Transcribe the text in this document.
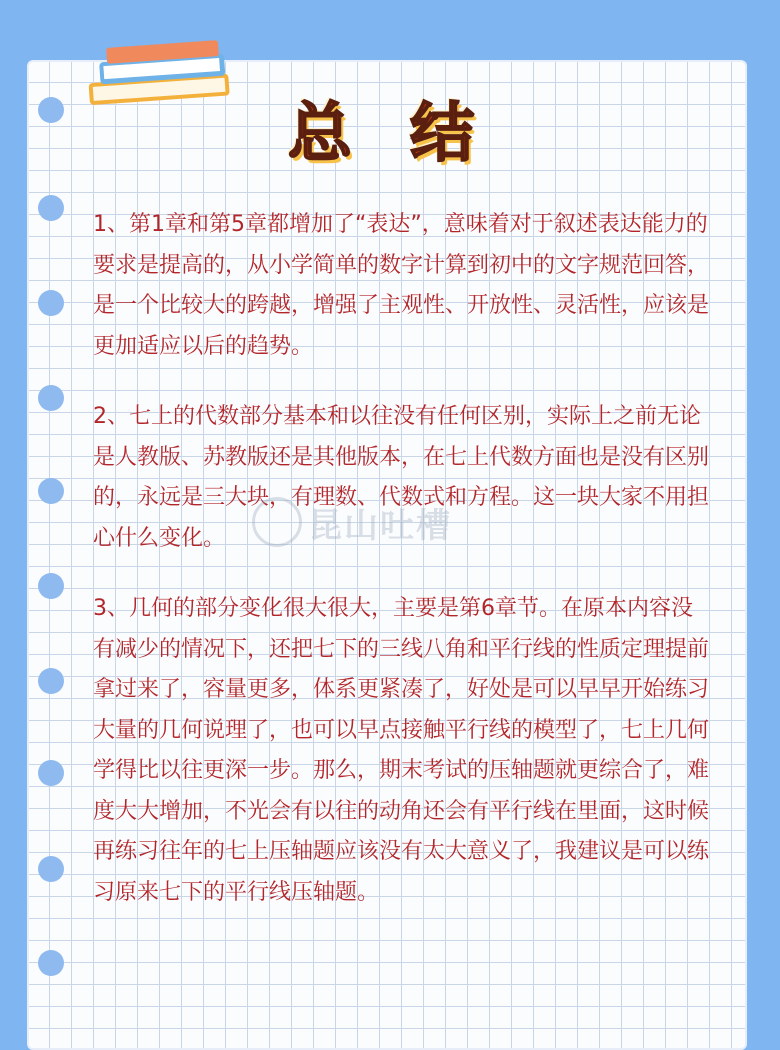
总 结

1、第1章和第5章都增加了“表达”，意味着对于叙述表达能力的要求是提高的，从小学简单的数字计算到初中的文字规范回答，是一个比较大的跨越，增强了主观性、开放性、灵活性，应该是更加适应以后的趋势。

2、七上的代数部分基本和以往没有任何区别，实际上之前无论是人教版、苏教版还是其他版本，在七上代数方面也是没有区别的，永远是三大块，有理数、代数式和方程。这一块大家不用担心什么变化。

3、几何的部分变化很大很大，主要是第6章节。在原本内容没有减少的情况下，还把七下的三线八角和平行线的性质定理提前拿过来了，容量更多，体系更紧凑了，好处是可以早早开始练习大量的几何说理了，也可以早点接触平行线的模型了，七上几何学得比以往更深一步。那么，期末考试的压轴题就更综合了，难度大大增加，不光会有以往的动角还会有平行线在里面，这时候再练习往年的七上压轴题应该没有太大意义了，我建议是可以练习原来七下的平行线压轴题。

昆山吐槽
